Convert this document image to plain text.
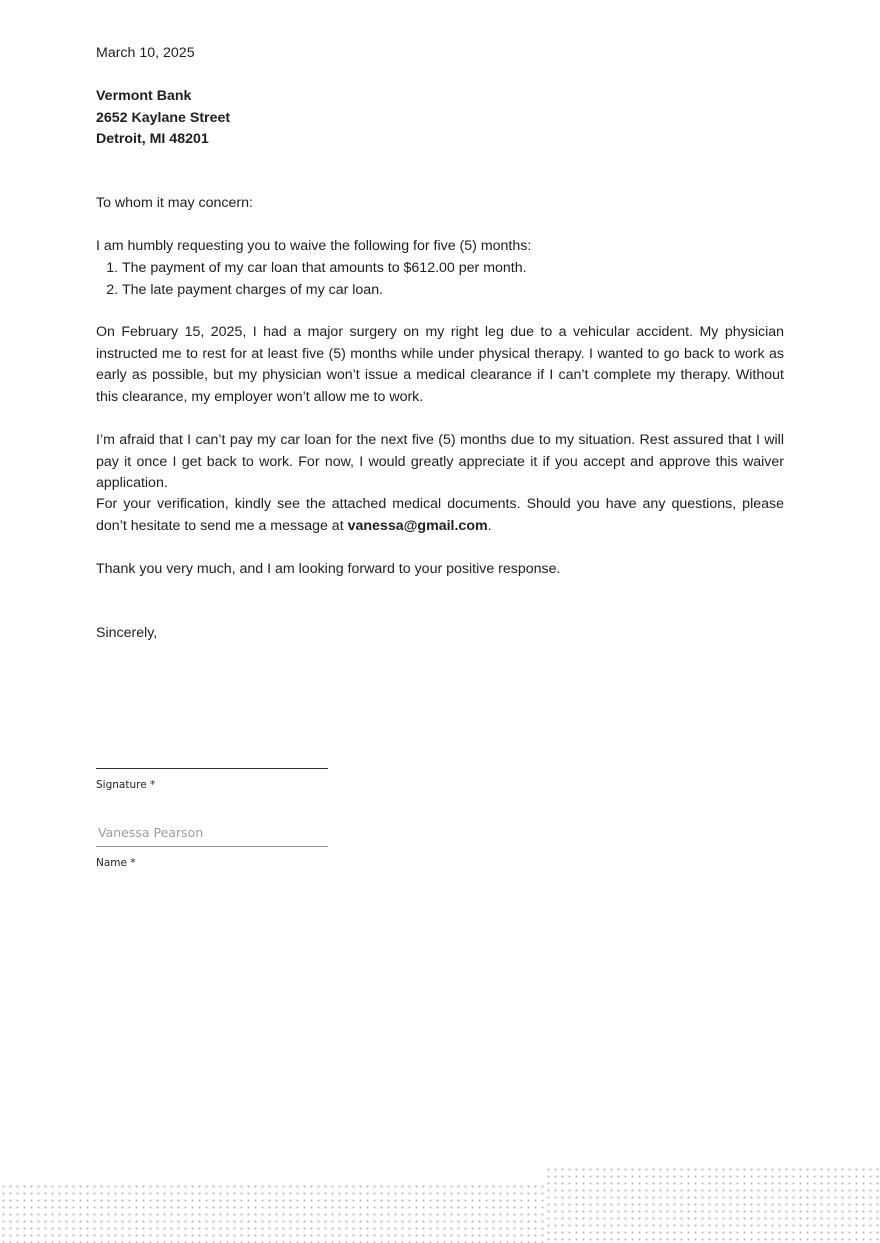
March 10, 2025
Vermont Bank
2652 Kaylane Street
Detroit, MI 48201
To whom it may concern:
I am humbly requesting you to waive the following for five (5) months:
1. The payment of my car loan that amounts to $612.00 per month.
2. The late payment charges of my car loan.

On February 15, 2025, I had a major surgery on my right leg due to a vehicular accident. My physician instructed me to rest for at least five (5) months while under physical therapy. I wanted to go back to work as early as possible, but my physician won’t issue a medical clearance if I can’t complete my therapy. Without this clearance, my employer won’t allow me to work.

I’m afraid that I can’t pay my car loan for the next five (5) months due to my situation. Rest assured that I will pay it once I get back to work. For now, I would greatly appreciate it if you accept and approve this waiver application.

For your verification, kindly see the attached medical documents. Should you have any questions, please don’t hesitate to send me a message at vanessa@gmail.com.

Thank you very much, and I am looking forward to your positive response.

Sincerely,
Signature *
Vanessa Pearson
Name *
